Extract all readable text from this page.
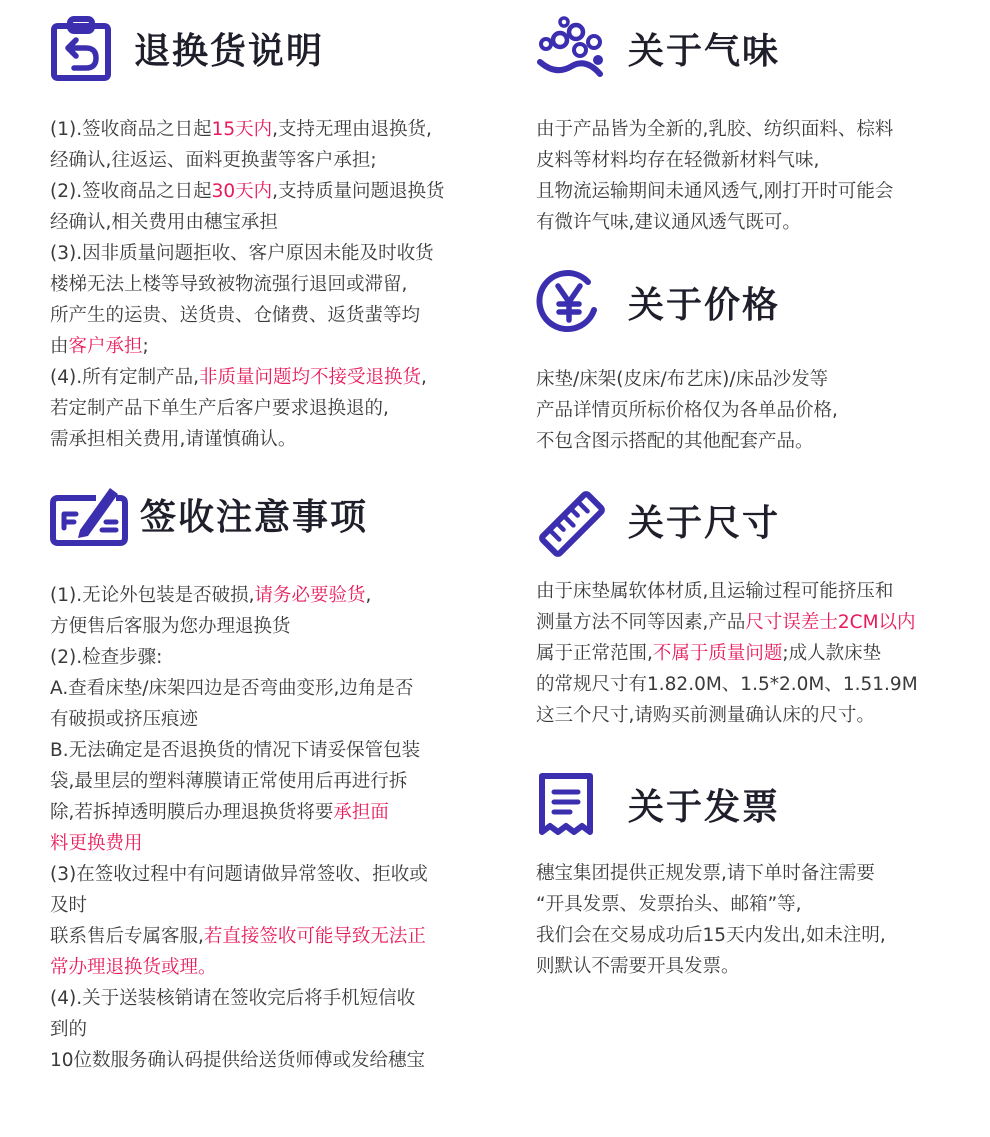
退换货说明
(1).签收商品之日起15天内,支持无理由退换货,
经确认,往返运、面料更换蜚等客户承担;
(2).签收商品之日起30天内,支持质量问题退换货
经确认,相关费用由穗宝承担
(3).因非质量问题拒收、客户原因未能及时收货
楼梯无法上楼等导致被物流强行退回或滞留,
所产生的运贵、送货贵、仓储费、返货蜚等均
由客户承担;
(4).所有定制产品,非质量问题均不接受退换货,
若定制产品下单生产后客户要求退换退的,
需承担相关费用,请谨慎确认。
签收注意事项
(1).无论外包装是否破损,请务必要验货,
方便售后客服为您办理退换货
(2).检查步骤:
A.查看床垫/床架四边是否弯曲变形,边角是否
有破损或挤压痕迹
B.无法确定是否退换货的情况下请妥保管包装
袋,最里层的塑料薄膜请正常使用后再进行拆
除,若拆掉透明膜后办理退换货将要承担面
料更换费用
(3)在签收过程中有问题请做异常签收、拒收或
及时
联系售后专属客服,若直接签收可能导致无法正
常办理退换货或理。
(4).关于送装核销请在签收完后将手机短信收
到的
10位数服务确认码提供给送货师傅或发给穗宝
关于气味
由于产品皆为全新的,乳胶、纺织面料、棕料
皮料等材料均存在轻微新材料气味,
且物流运输期间未通风透气,刚打开时可能会
有微许气味,建议通风透气既可。
关于价格
床垫/床架(皮床/布艺床)/床品沙发等
产品详情页所标价格仅为各单品价格,
不包含图示搭配的其他配套产品。
关于尺寸
由于床垫属软体材质,且运输过程可能挤压和
测量方法不同等因素,产品尺寸误差士2CM以内
属于正常范围,不属于质量问题;成人款床垫
的常规尺寸有1.82.0M、1.5*2.0M、1.51.9M
这三个尺寸,请购买前测量确认床的尺寸。
关于发票
穗宝集团提供正规发票,请下单时备注需要
“开具发票、发票抬头、邮箱”等,
我们会在交易成功后15天内发出,如未注明,
则默认不需要开具发票。
